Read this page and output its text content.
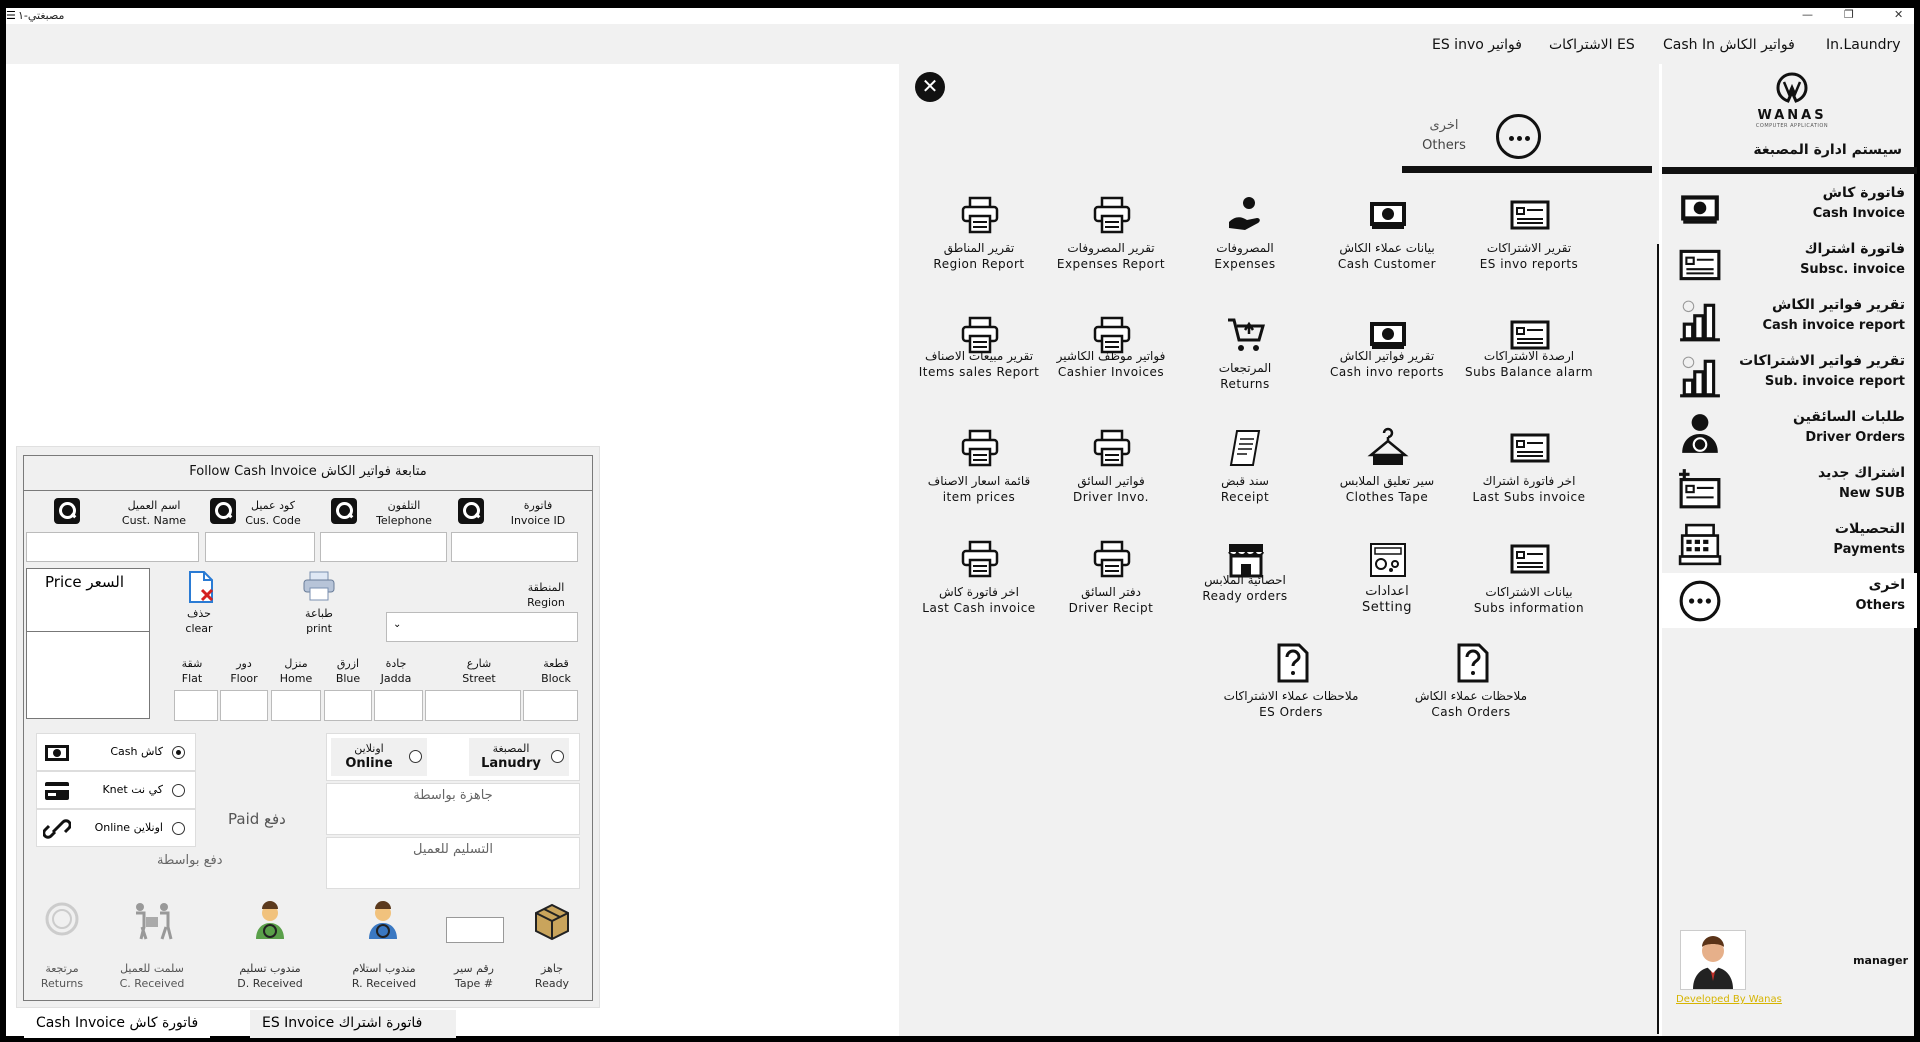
☰ مصبغتي-١	—	❐	✕
In.Laundry
Cash In فواتير الكاش
الاشتراكات ES
ES invo فواتير
Follow Cash Invoice متابعة فواتير الكاش
فاتورة
Invoice ID
التلفون
Telephone
كود عميل
Cus. Code
اسم العميل
Cust. Name
Price السعر
حذف
clear
طباعة
print
المنطقة
Region
⌄
قطعة
Block
شارع
Street
جادة
Jadda
ازرق
Blue
منزل
Home
دور
Floor
شقة
Flat
Cash كاش
Knet كي نت
Online اونلاين	Paid دفع
دفع بواسطة
المصبغة
Lanudry
اونلاين
Online
جاهزة بواسطة
التسليم للعميل
جاهز
Ready
رقم سير
Tape #
مندوب استلام
R. Received
مندوب تسليم
D. Received
سلمت للعميل
C. Received
مرتجعة
Returns
Cash Invoice فاتورة كاش	ES Invoice فاتورة اشتراك
✕
اخرى
Others
تقرير الاشتراكات
ES invo reports
بيانات عملاء الكاش
Cash Customer
المصروفات
Expenses
تقرير المصروفات
Expenses Report
تقرير المناطق
Region Report
ارصدة الاشتراكات
Subs Balance alarm
تقرير فواتير الكاش
Cash invo reports
المرتجعات
Returns
فواتير موظف الكاشير
Cashier Invoices
تقرير مبيعات الاصناف
Items sales Report
اخر فاتورة اشتراك
Last Subs invoice
سير تعليق الملابس
Clothes Tape
سند قبض
Receipt
فواتير السائق
Driver Invo.
قائمة اسعار الاصناف
item prices
بيانات الاشتراكات
Subs information
اعدادات
Setting
احصائية الملابس
Ready orders
دفتر السائق
Driver Recipt
اخر فاتورة كاش
Last Cash invoice
ملاحظات عملاء الكاش
Cash Orders
ملاحظات عملاء الاشتراكات
ES Orders
WANAS
COMPUTER APPLICATION
سيستم ادارة المصبغة
فاتورة كاش
Cash Invoice
فاتورة اشتراك
Subsc. invoice
تقرير فواتير الكاش
Cash invoice report
تقرير فواتير الاشتراكات
Sub. invoice report
طلبات السائقين
Driver Orders
اشتراك جديد
New SUB
التحصيلات
Payments
اخرى
Others
manager
Developed By Wanas
